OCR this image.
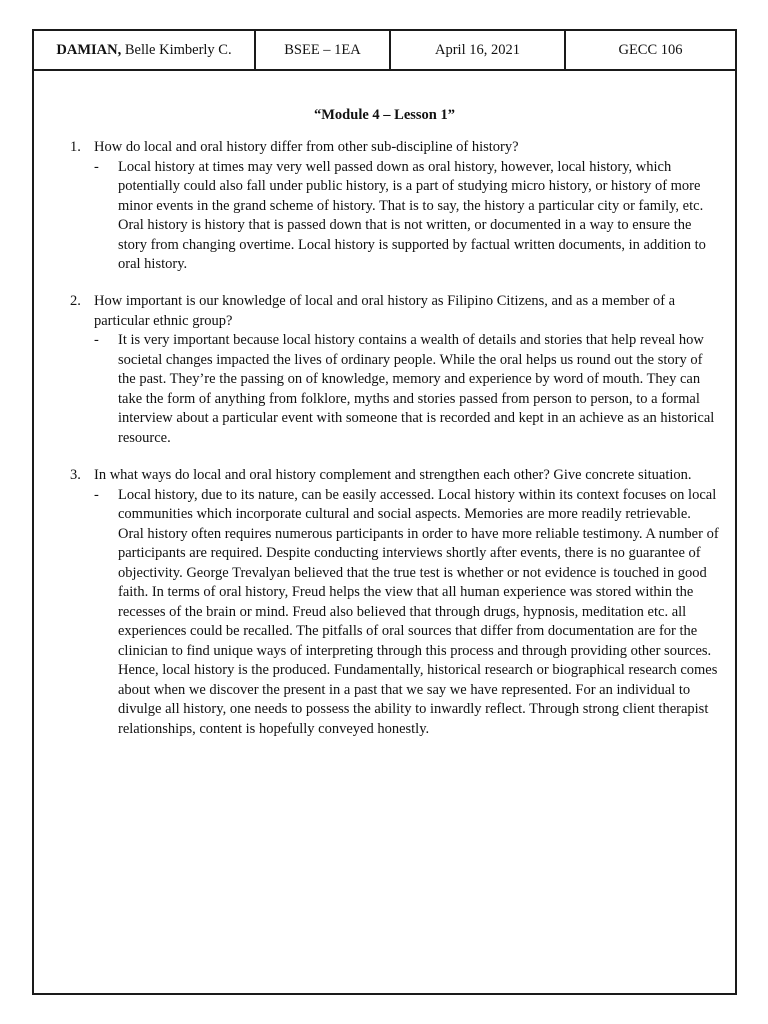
DAMIAN, Belle Kimberly C.	BSEE – 1EA	April 16, 2021	GECC 106
“Module 4 – Lesson 1”
1. How do local and oral history differ from other sub-discipline of history?
- Local history at times may very well passed down as oral history, however, local history, which potentially could also fall under public history, is a part of studying micro history, or history of more minor events in the grand scheme of history. That is to say, the history a particular city or family, etc. Oral history is history that is passed down that is not written, or documented in a way to ensure the story from changing overtime. Local history is supported by factual written documents, in addition to oral history.
2. How important is our knowledge of local and oral history as Filipino Citizens, and as a member of a particular ethnic group?
- It is very important because local history contains a wealth of details and stories that help reveal how societal changes impacted the lives of ordinary people. While the oral helps us round out the story of the past. They’re the passing on of knowledge, memory and experience by word of mouth. They can take the form of anything from folklore, myths and stories passed from person to person, to a formal interview about a particular event with someone that is recorded and kept in an achieve as an historical resource.
3. In what ways do local and oral history complement and strengthen each other? Give concrete situation.
- Local history, due to its nature, can be easily accessed. Local history within its context focuses on local communities which incorporate cultural and social aspects. Memories are more readily retrievable. Oral history often requires numerous participants in order to have more reliable testimony. A number of participants are required. Despite conducting interviews shortly after events, there is no guarantee of objectivity. George Trevalyan believed that the true test is whether or not evidence is touched in good faith. In terms of oral history, Freud helps the view that all human experience was stored within the recesses of the brain or mind. Freud also believed that through drugs, hypnosis, meditation etc. all experiences could be recalled. The pitfalls of oral sources that differ from documentation are for the clinician to find unique ways of interpreting through this process and through providing other sources. Hence, local history is the produced. Fundamentally, historical research or biographical research comes about when we discover the present in a past that we say we have represented. For an individual to divulge all history, one needs to possess the ability to inwardly reflect. Through strong client therapist relationships, content is hopefully conveyed honestly.
